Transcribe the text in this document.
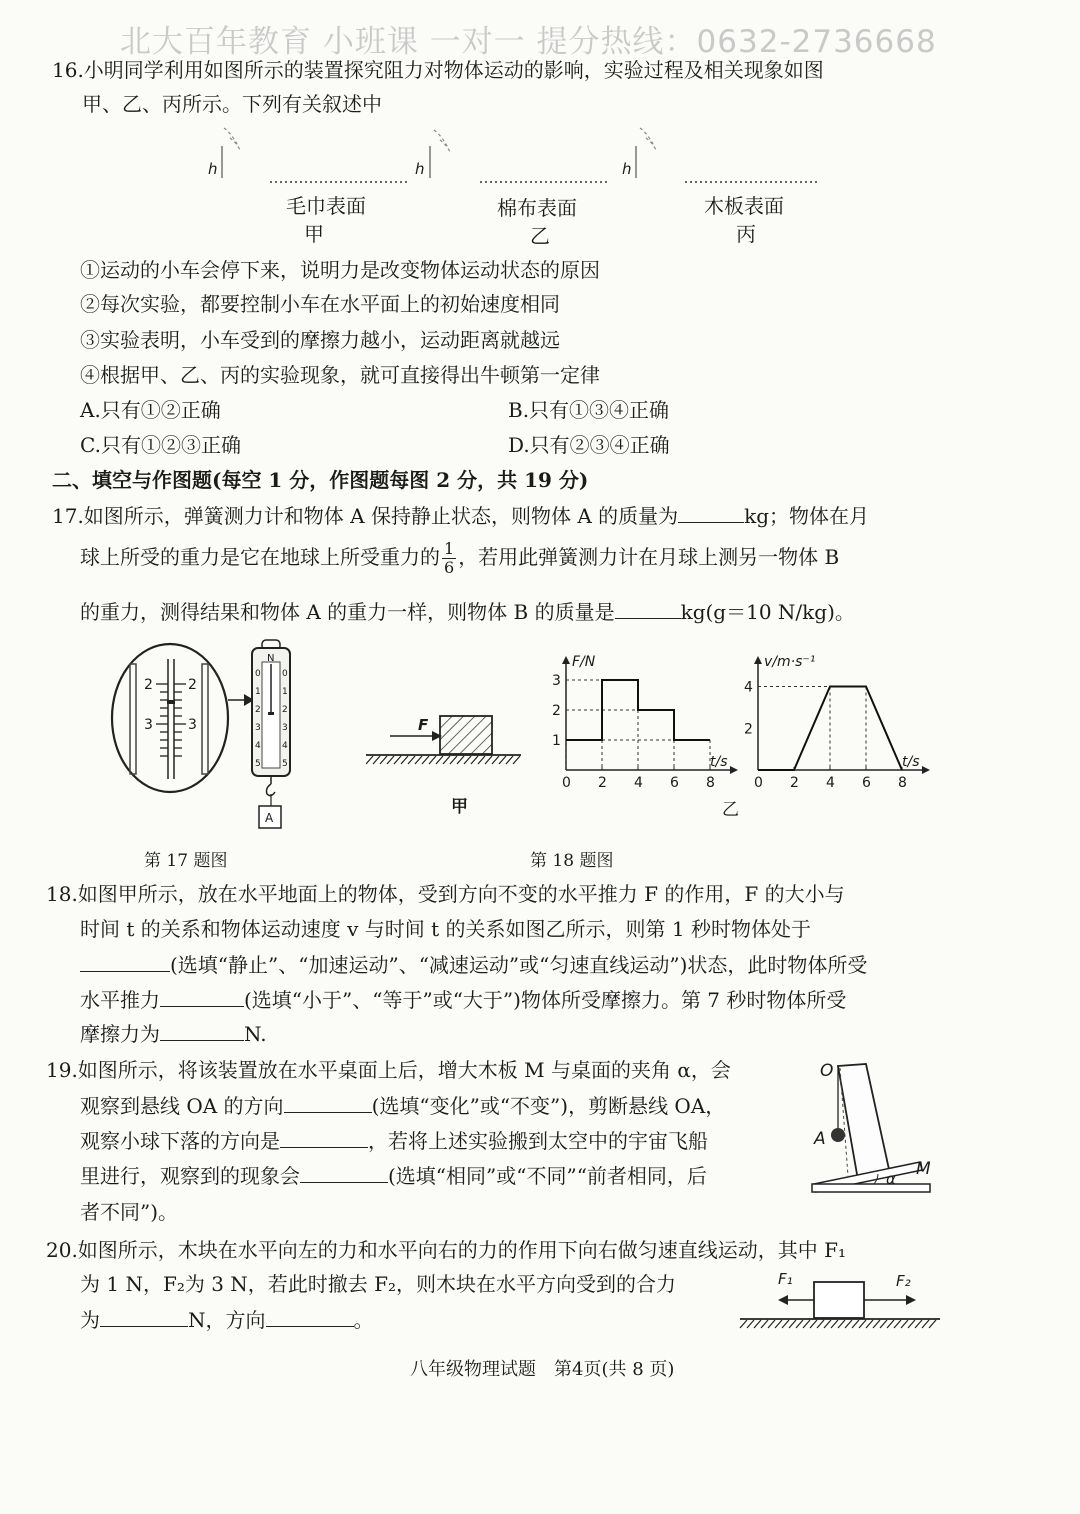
北大百年教育 小班课 一对一 提分热线：0632-2736668
16.小明同学利用如图所示的装置探究阻力对物体运动的影响，实验过程及相关现象如图
甲、乙、丙所示。下列有关叙述中
h	h	h
毛巾表面
甲
棉布表面
乙
木板表面
丙
①运动的小车会停下来，说明力是改变物体运动状态的原因
②每次实验，都要控制小车在水平面上的初始速度相同
③实验表明，小车受到的摩擦力越小，运动距离就越远
④根据甲、乙、丙的实验现象，就可直接得出牛顿第一定律
A.只有①②正确	B.只有①③④正确
C.只有①②③正确	D.只有②③④正确
二、填空与作图题(每空 1 分，作图题每图 2 分，共 19 分)
17.如图所示，弹簧测力计和物体 A 保持静止状态，则物体 A 的质量为	kg；物体在月
球上所受的重力是它在地球上所受重力的 $\frac{1}{6}$ ，若用此弹簧测力计在月球上测另一物体 B
的重力，测得结果和物体 A 的重力一样，则物体 B 的质量是	kg(g＝10 N/kg)。
2	2
3	3
N
0
1
2
3
4
5
0
1
2
3
4
5
A
第 17 题图
F
甲
F/N
t/s
0 2 4 6 8
1
2
3
v/m·s⁻¹
t/s
0 2 4 6 8
2
4
乙
第 18 题图
18.如图甲所示，放在水平地面上的物体，受到方向不变的水平推力 F 的作用，F 的大小与
时间 t 的关系和物体运动速度 v 与时间 t 的关系如图乙所示，则第 1 秒时物体处于
(选填“静止”、“加速运动”、“减速运动”或“匀速直线运动”)状态，此时物体所受
水平推力	(选填“小于”、“等于”或“大于”)物体所受摩擦力。第 7 秒时物体所受
摩擦力为	N.
19.如图所示，将该装置放在水平桌面上后，增大木板 M 与桌面的夹角 α，会
观察到悬线 OA 的方向	(选填“变化”或“不变”)，剪断悬线 OA，
观察小球下落的方向是	，若将上述实验搬到太空中的宇宙飞船
里进行，观察到的现象会	(选填“相同”或“不同”“前者相同，后
者不同”)。
O
A
M
α
20.如图所示，木块在水平向左的力和水平向右的力的作用下向右做匀速直线运动，其中 F₁
为 1 N，F₂为 3 N，若此时撤去 F₂，则木块在水平方向受到的合力
为	N，方向	。
F₁	F₂
八年级物理试题　第4页(共 8 页)
